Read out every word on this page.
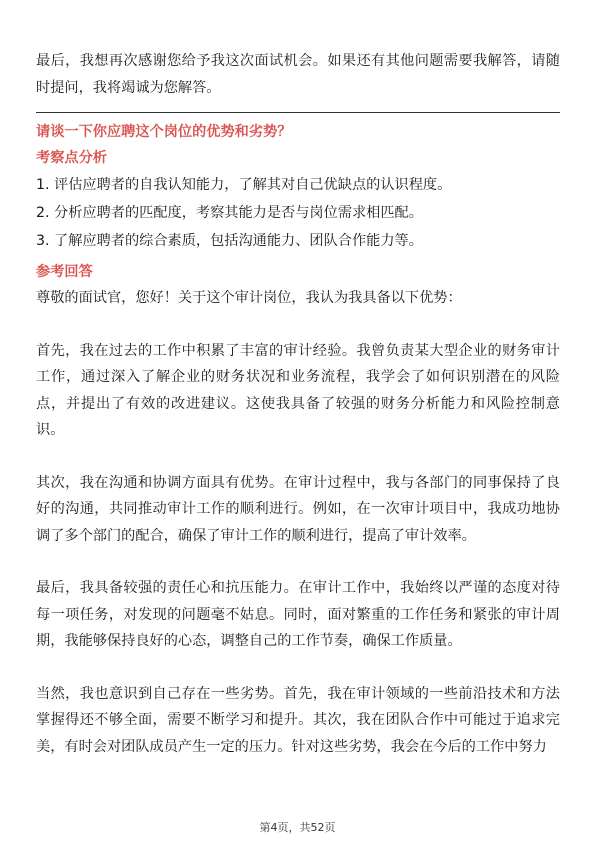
最后，我想再次感谢您给予我这次面试机会。如果还有其他问题需要我解答，请随时提问，我将竭诚为您解答。

请谈一下你应聘这个岗位的优势和劣势？

考察点分析

1. 评估应聘者的自我认知能力，了解其对自己优缺点的认识程度。

2. 分析应聘者的匹配度，考察其能力是否与岗位需求相匹配。

3. 了解应聘者的综合素质，包括沟通能力、团队合作能力等。

参考回答

尊敬的面试官，您好！关于这个审计岗位，我认为我具备以下优势：

首先，我在过去的工作中积累了丰富的审计经验。我曾负责某大型企业的财务审计工作，通过深入了解企业的财务状况和业务流程，我学会了如何识别潜在的风险点，并提出了有效的改进建议。这使我具备了较强的财务分析能力和风险控制意识。

其次，我在沟通和协调方面具有优势。在审计过程中，我与各部门的同事保持了良好的沟通，共同推动审计工作的顺利进行。例如，在一次审计项目中，我成功地协调了多个部门的配合，确保了审计工作的顺利进行，提高了审计效率。

最后，我具备较强的责任心和抗压能力。在审计工作中，我始终以严谨的态度对待每一项任务，对发现的问题毫不姑息。同时，面对繁重的工作任务和紧张的审计周期，我能够保持良好的心态，调整自己的工作节奏，确保工作质量。

当然，我也意识到自己存在一些劣势。首先，我在审计领域的一些前沿技术和方法掌握得还不够全面，需要不断学习和提升。其次，我在团队合作中可能过于追求完美，有时会对团队成员产生一定的压力。针对这些劣势，我会在今后的工作中努力

第4页，共52页
